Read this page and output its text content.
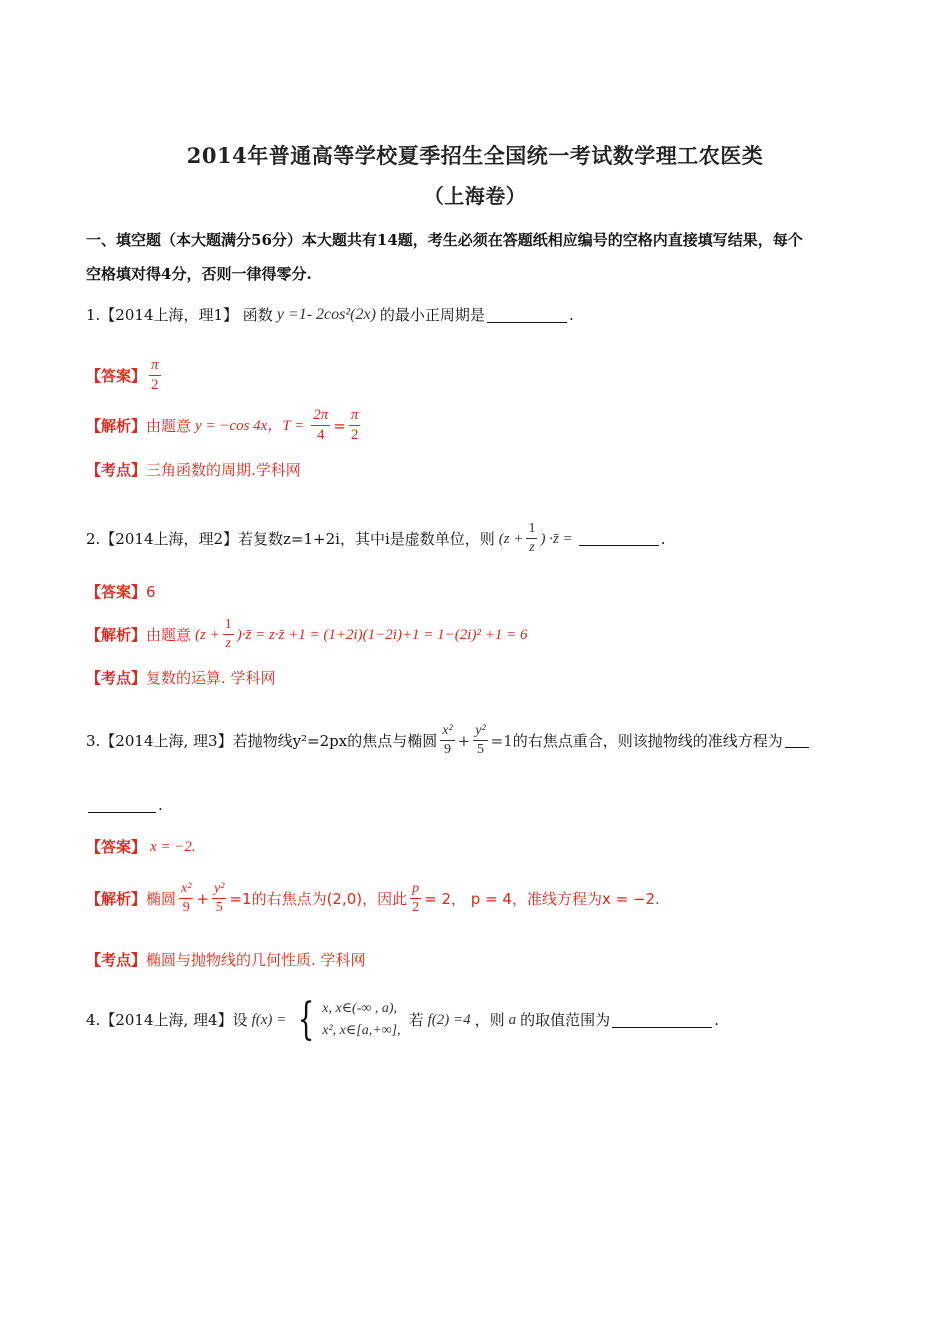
2014年普通高等学校夏季招生全国统一考试数学理工农医类
（上海卷）
一、填空题（本大题满分56分）本大题共有14题，考生必须在答题纸相应编号的空格内直接填写结果，每个
空格填对得4分，否则一律得零分.
1.【2014上海，理1】 函数 y =1- 2cos²(2x) 的最小正周期是	.
【答案】 $\frac{\pi}{2}$
【解析】 由题意 y = −cos 4x，$T = \frac{2\pi}{4} = \frac{\pi}{2}$
【考点】 三角函数的周期.学科网
2.【2014上海，理2】若复数z=1+2i，其中i是虚数单位，则 ($z + \frac{1}{z}$ ) ·z̄ =	.
【答案】 6
【解析】 由题意 ($z + \frac{1}{z}$ )·z̄ = z·z̄ +1 = (1+2i)(1−2i)+1 = 1−(2i)² +1 = 6
【考点】 复数的运算. 学科网
3.【2014上海, 理3】若抛物线y²=2px的焦点与椭圆 $\frac{\text{x²}}{9} + \frac{\text{y²}}{5} =1$ 的右焦点重合，则该抛物线的准线方程为
.
【答案】 x = −2.
【解析】 椭圆 $\frac{\text{x²}}{9} + \frac{\text{y²}}{5} =1$的右焦点为(2,0)，因此 $\frac{p}{2} = 2$， p = 4，准线方程为x = −2.
【考点】 椭圆与抛物线的几何性质. 学科网
4.【2014上海, 理4】设 f(x) = { x, x∈(-∞ , a),
x², x∈[a,+∞],
若 f(2) =4 ，则 a 的取值范围为	.
